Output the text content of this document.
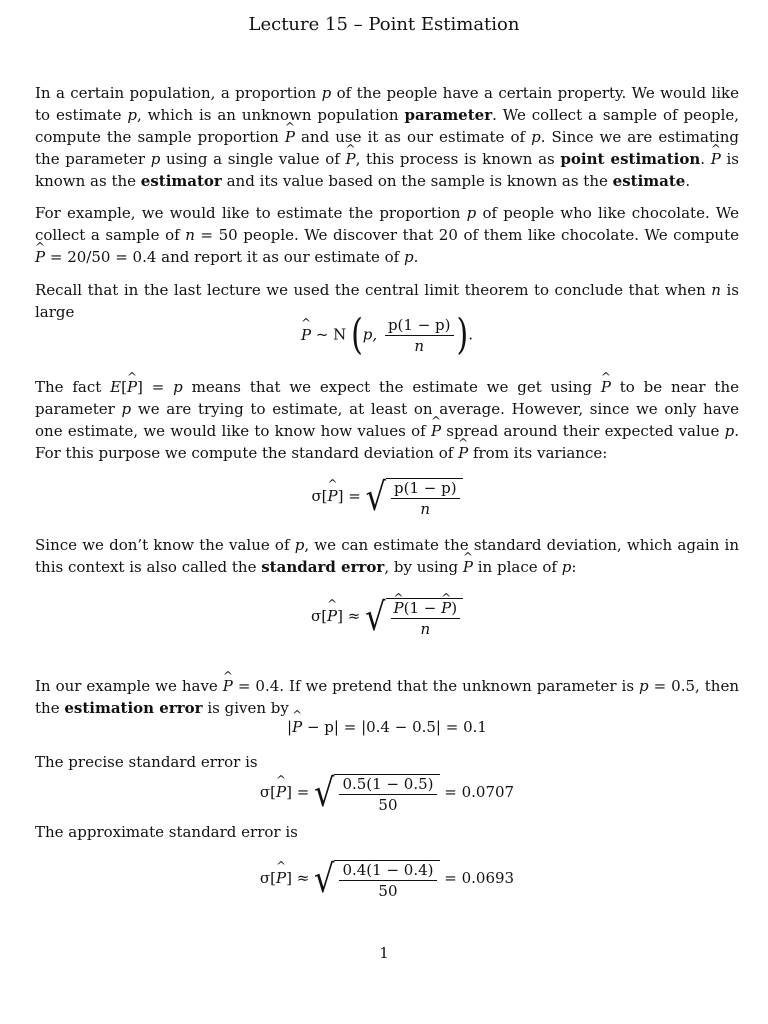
Lecture 15 – Point Estimation

In a certain population, a proportion p of the people have a certain property. We would like to estimate p, which is an unknown population parameter. We collect a sample of people, compute the sample proportion ^ P and use it as our estimate of p. Since we are estimating the parameter p using a single value of ^ P, this process is known as point estimation. ^ P is known as the estimator and its value based on the sample is known as the estimate.

For example, we would like to estimate the proportion p of people who like chocolate. We collect a sample of n = 50 people. We discover that 20 of them like chocolate. We compute ^ P = 20/50 = 0.4 and report it as our estimate of p.

Recall that in the last lecture we used the central limit theorem to conclude that when n is large

^ P ~ N (p, $\frac{p(1 - p)}{n}$ ).

The fact E[^ P] = p means that we expect the estimate we get using ^ P to be near the parameter p we are trying to estimate, at least on average. However, since we only have one estimate, we would like to know how values of ^ P spread around their expected value p. For this purpose we compute the standard deviation of ^ P from its variance:

σ[^ P] = √ $\frac{p(1 - p)}{n}$

Since we don’t know the value of p, we can estimate the standard deviation, which again in this context is also called the standard error, by using ^ P in place of p:

σ[^ P] ≈ √
^ $\frac{P(1 - \^{} P)}{n}$

In our example we have ^ P = 0.4. If we pretend that the unknown parameter is p = 0.5, then the estimation error is given by

|^ P − p| = |0.4 − 0.5| = 0.1

The precise standard error is

σ[^ P] = √ $\frac{0.5(1 - 0.5)}{50} = 0.0707$

The approximate standard error is

σ[^ P] ≈ √ $\frac{0.4(1 - 0.4)}{50} = 0.0693$
1
